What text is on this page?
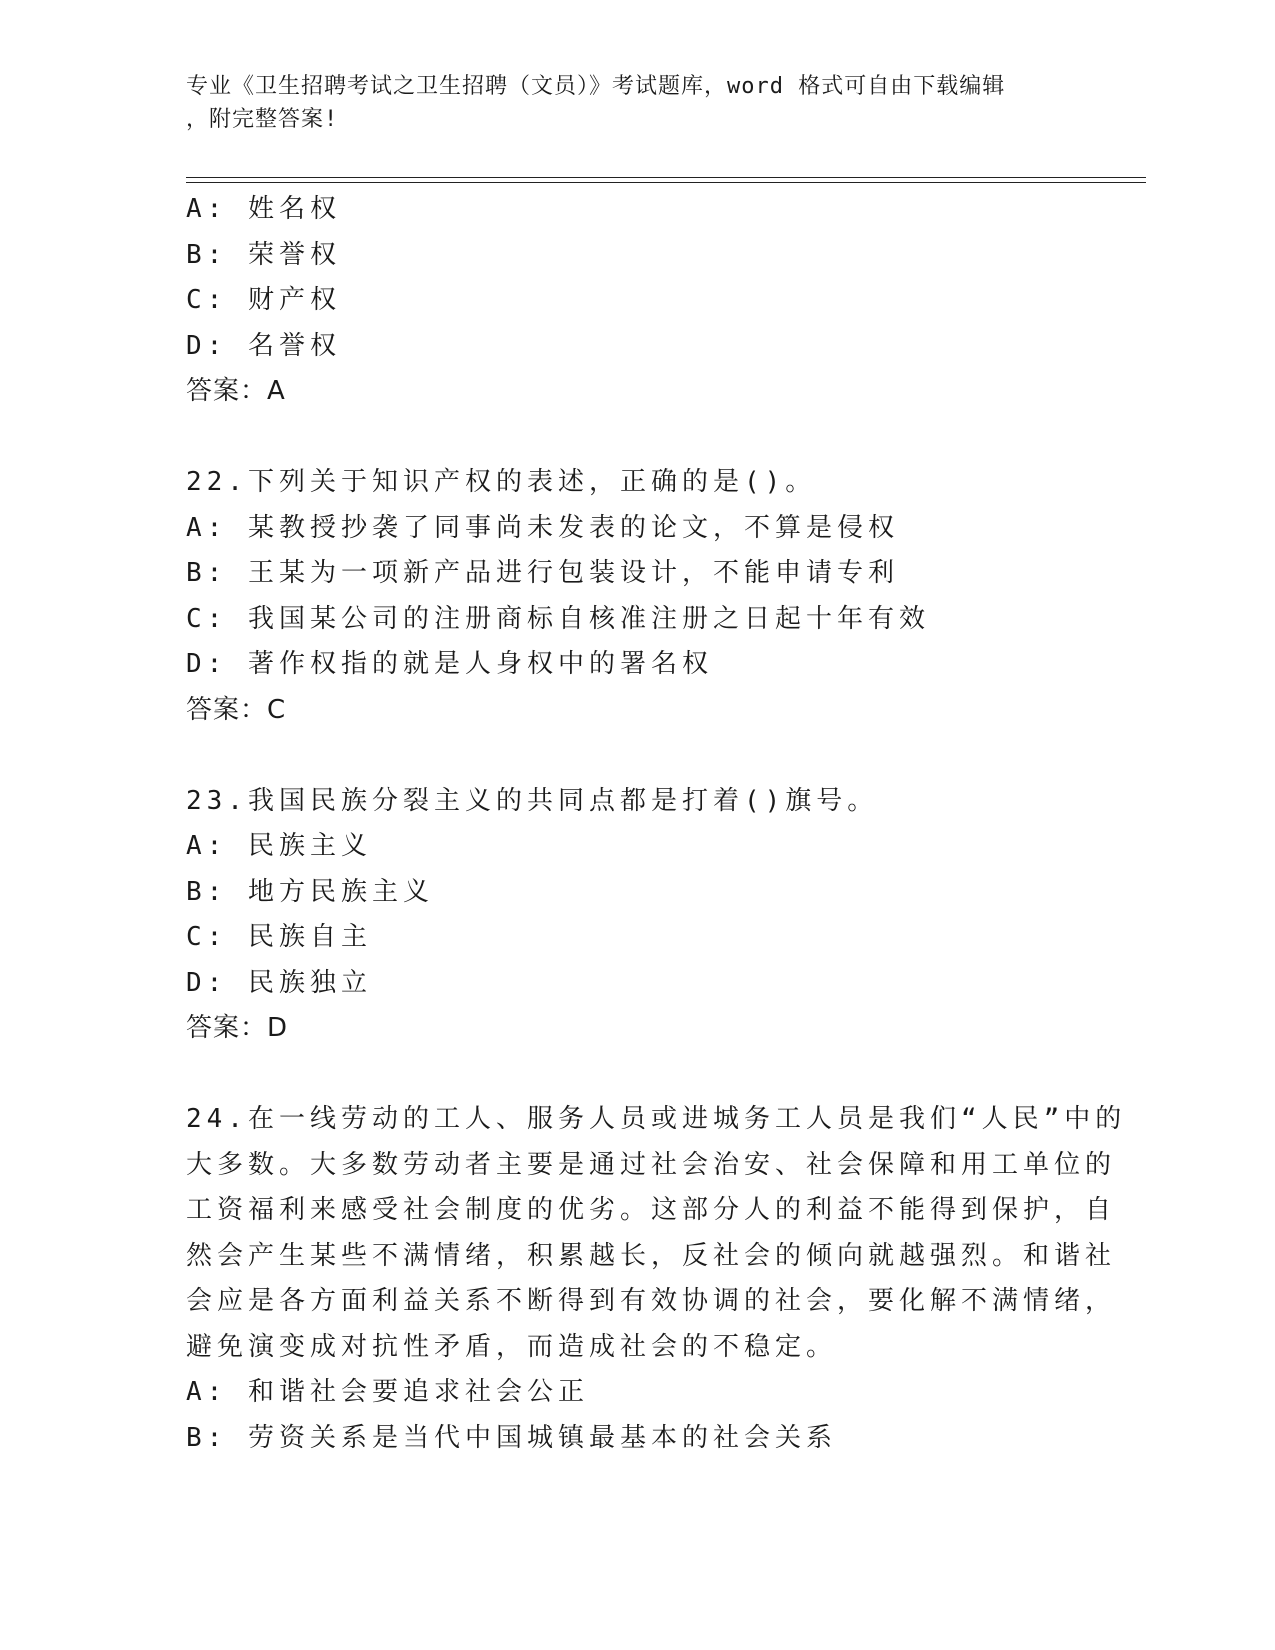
专业《卫生招聘考试之卫生招聘（文员）》考试题库，word 格式可自由下载编辑
，附完整答案!
A: 姓名权
B: 荣誉权
C: 财产权
D: 名誉权
答案：A
22.下列关于知识产权的表述，正确的是()。
A: 某教授抄袭了同事尚未发表的论文，不算是侵权
B: 王某为一项新产品进行包装设计，不能申请专利
C: 我国某公司的注册商标自核准注册之日起十年有效
D: 著作权指的就是人身权中的署名权
答案：C
23.我国民族分裂主义的共同点都是打着()旗号。
A: 民族主义
B: 地方民族主义
C: 民族自主
D: 民族独立
答案：D
24.在一线劳动的工人、服务人员或进城务工人员是我们“人民”中的
大多数。大多数劳动者主要是通过社会治安、社会保障和用工单位的
工资福利来感受社会制度的优劣。这部分人的利益不能得到保护，自
然会产生某些不满情绪，积累越长，反社会的倾向就越强烈。和谐社
会应是各方面利益关系不断得到有效协调的社会，要化解不满情绪，
避免演变成对抗性矛盾，而造成社会的不稳定。
A: 和谐社会要追求社会公正
B: 劳资关系是当代中国城镇最基本的社会关系
